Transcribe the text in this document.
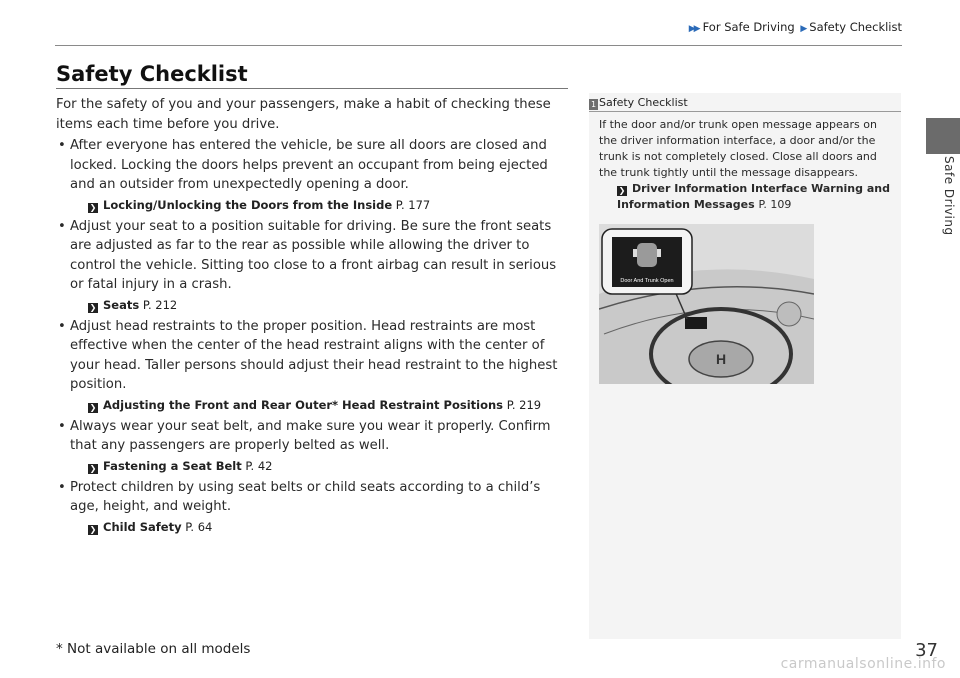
▶▶ For Safe Driving ▶ Safety Checklist
Safe Driving
Safety Checklist

For the safety of you and your passengers, make a habit of checking these items each time before you drive.

• After everyone has entered the vehicle, be sure all doors are closed and locked. Locking the doors helps prevent an occupant from being ejected and an outsider from unexpectedly opening a door.
❯ Locking/Unlocking the Doors from the Inside P. 177
• Adjust your seat to a position suitable for driving. Be sure the front seats are adjusted as far to the rear as possible while allowing the driver to control the vehicle. Sitting too close to a front airbag can result in serious or fatal injury in a crash.
❯ Seats P. 212
• Adjust head restraints to the proper position. Head restraints are most effective when the center of the head restraint aligns with the center of your head. Taller persons should adjust their head restraint to the highest position.
❯ Adjusting the Front and Rear Outer* Head Restraint Positions P. 219
• Always wear your seat belt, and make sure you wear it properly. Confirm that any passengers are properly belted as well.
❯ Fastening a Seat Belt P. 42
• Protect children by using seat belts or child seats according to a child’s age, height, and weight.
❯ Child Safety P. 64
1 Safety Checklist
If the door and/or trunk open message appears on the driver information interface, a door and/or the trunk is not completely closed. Close all doors and the trunk tightly until the message disappears.
❯ Driver Information Interface Warning and Information Messages P. 109
H
Door And Trunk Open
* Not available on all models	37
carmanualsonline.info
